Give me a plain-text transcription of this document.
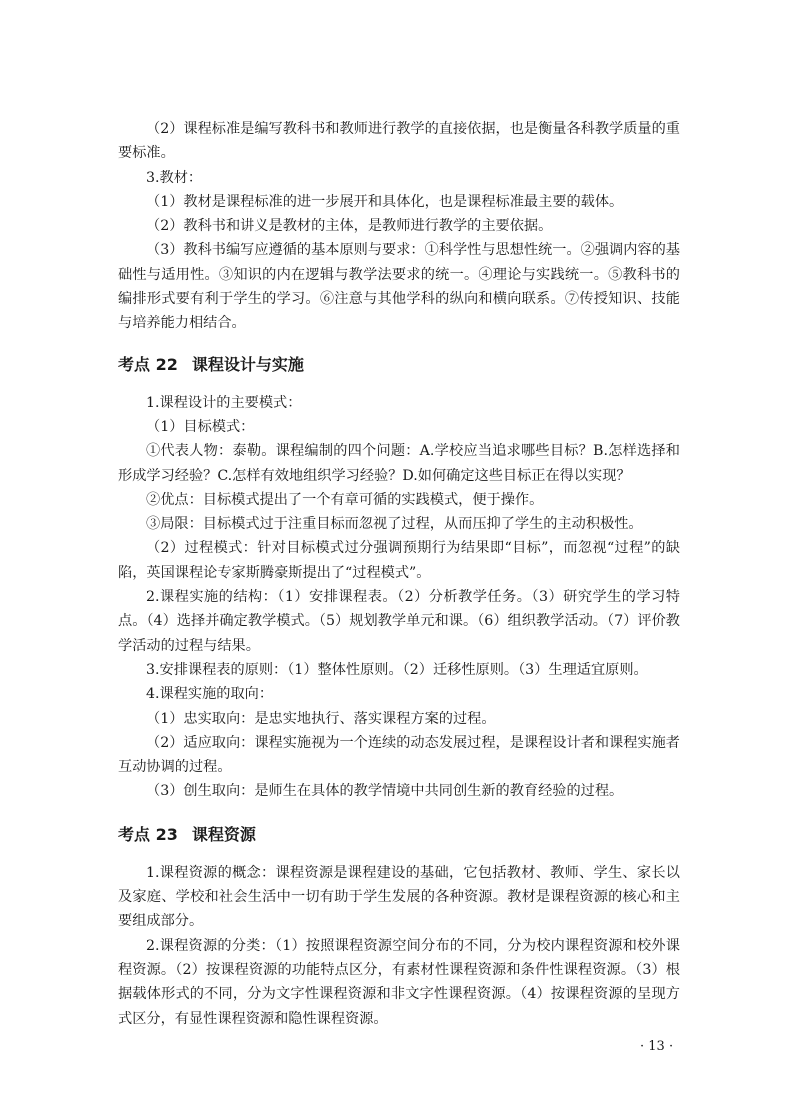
（2）课程标准是编写教科书和教师进行教学的直接依据，也是衡量各科教学质量的重要标准。

3.教材：

（1）教材是课程标准的进一步展开和具体化，也是课程标准最主要的载体。

（2）教科书和讲义是教材的主体，是教师进行教学的主要依据。

（3）教科书编写应遵循的基本原则与要求：①科学性与思想性统一。②强调内容的基础性与适用性。③知识的内在逻辑与教学法要求的统一。④理论与实践统一。⑤教科书的编排形式要有利于学生的学习。⑥注意与其他学科的纵向和横向联系。⑦传授知识、技能与培养能力相结合。

考点 22 课程设计与实施

1.课程设计的主要模式：

（1）目标模式：

①代表人物：泰勒。课程编制的四个问题：A.学校应当追求哪些目标？B.怎样选择和形成学习经验？C.怎样有效地组织学习经验？D.如何确定这些目标正在得以实现？

②优点：目标模式提出了一个有章可循的实践模式，便于操作。

③局限：目标模式过于注重目标而忽视了过程，从而压抑了学生的主动积极性。

（2）过程模式：针对目标模式过分强调预期行为结果即“目标”，而忽视“过程”的缺陷，英国课程论专家斯腾豪斯提出了“过程模式”。

2.课程实施的结构：（1）安排课程表。（2）分析教学任务。（3）研究学生的学习特点。（4）选择并确定教学模式。（5）规划教学单元和课。（6）组织教学活动。（7）评价教学活动的过程与结果。

3.安排课程表的原则：（1）整体性原则。（2）迁移性原则。（3）生理适宜原则。

4.课程实施的取向：

（1）忠实取向：是忠实地执行、落实课程方案的过程。

（2）适应取向：课程实施视为一个连续的动态发展过程，是课程设计者和课程实施者互动协调的过程。

（3）创生取向：是师生在具体的教学情境中共同创生新的教育经验的过程。

考点 23 课程资源

1.课程资源的概念：课程资源是课程建设的基础，它包括教材、教师、学生、家长以及家庭、学校和社会生活中一切有助于学生发展的各种资源。教材是课程资源的核心和主要组成部分。

2.课程资源的分类：（1）按照课程资源空间分布的不同，分为校内课程资源和校外课程资源。（2）按课程资源的功能特点区分，有素材性课程资源和条件性课程资源。（3）根据载体形式的不同，分为文字性课程资源和非文字性课程资源。（4）按课程资源的呈现方式区分，有显性课程资源和隐性课程资源。

· 13 ·
